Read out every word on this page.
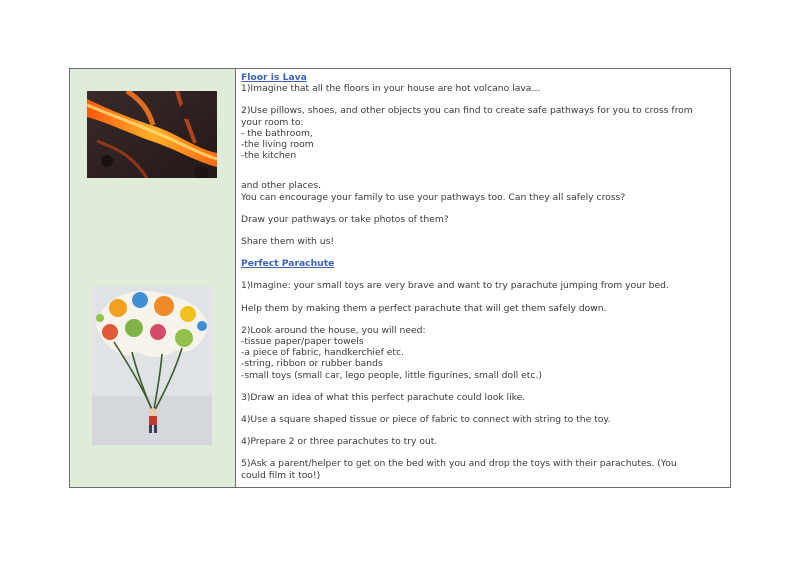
Floor is Lava

1)Imagine that all the floors in your house are hot volcano lava…

2)Use pillows, shoes, and other objects you can find to create safe pathways for you to cross from

your room to:

- the bathroom,

-the living room

-the kitchen

and other places.

You can encourage your family to use your pathways too. Can they all safely cross?

Draw your pathways or take photos of them?

Share them with us!

Perfect Parachute

1)Imagine: your small toys are very brave and want to try parachute jumping from your bed.

Help them by making them a perfect parachute that will get them safely down.

2)Look around the house, you will need:

-tissue paper/paper towels

-a piece of fabric, handkerchief etc.

-string, ribbon or rubber bands

-small toys (small car, lego people, little figurines, small doll etc.)

3)Draw an idea of what this perfect parachute could look like.

4)Use a square shaped tissue or piece of fabric to connect with string to the toy.

4)Prepare 2 or three parachutes to try out.

5)Ask a parent/helper to get on the bed with you and drop the toys with their parachutes. (You

could film it too!)
